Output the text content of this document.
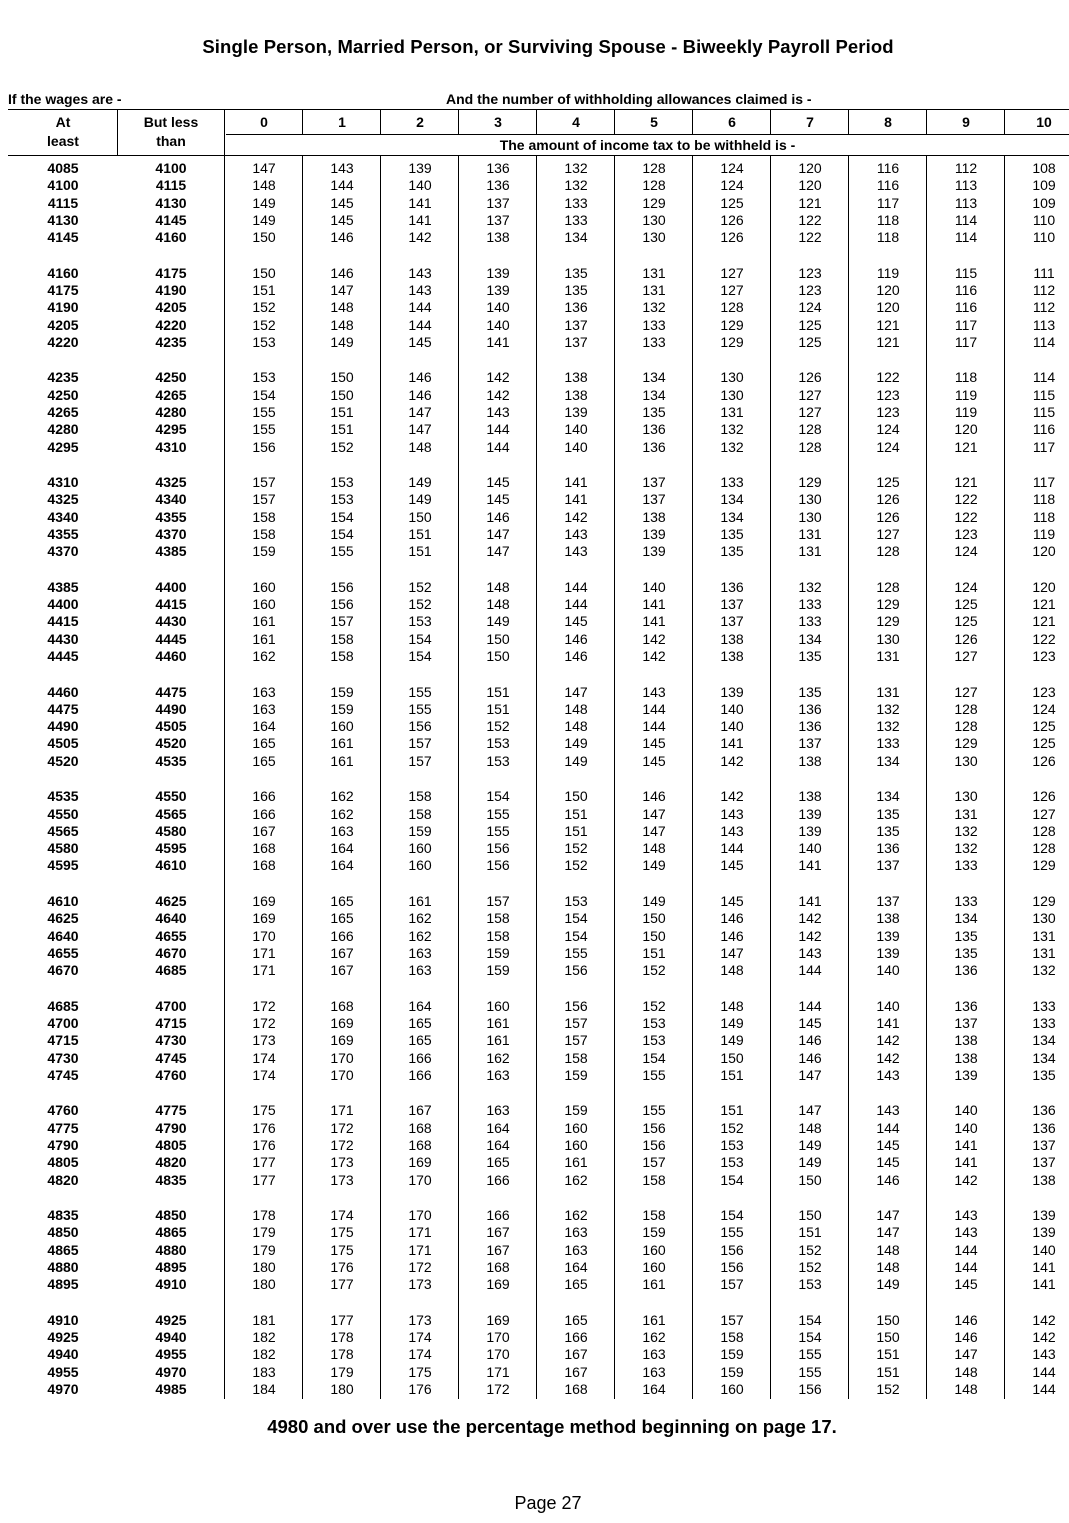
Single Person, Married Person, or Surviving Spouse - Biweekly Payroll Period
If the wages are -	And the number of withholding allowances claimed is -
At
least
But less
than
0	1	2	3	4	5	6	7	8	9	10
The amount of income tax to be withheld is -
4085	4100	147	143	139	136	132	128	124	120	116	112	108
4100	4115	148	144	140	136	132	128	124	120	116	113	109
4115	4130	149	145	141	137	133	129	125	121	117	113	109
4130	4145	149	145	141	137	133	130	126	122	118	114	110
4145	4160	150	146	142	138	134	130	126	122	118	114	110
4160	4175	150	146	143	139	135	131	127	123	119	115	111
4175	4190	151	147	143	139	135	131	127	123	120	116	112
4190	4205	152	148	144	140	136	132	128	124	120	116	112
4205	4220	152	148	144	140	137	133	129	125	121	117	113
4220	4235	153	149	145	141	137	133	129	125	121	117	114
4235	4250	153	150	146	142	138	134	130	126	122	118	114
4250	4265	154	150	146	142	138	134	130	127	123	119	115
4265	4280	155	151	147	143	139	135	131	127	123	119	115
4280	4295	155	151	147	144	140	136	132	128	124	120	116
4295	4310	156	152	148	144	140	136	132	128	124	121	117
4310	4325	157	153	149	145	141	137	133	129	125	121	117
4325	4340	157	153	149	145	141	137	134	130	126	122	118
4340	4355	158	154	150	146	142	138	134	130	126	122	118
4355	4370	158	154	151	147	143	139	135	131	127	123	119
4370	4385	159	155	151	147	143	139	135	131	128	124	120
4385	4400	160	156	152	148	144	140	136	132	128	124	120
4400	4415	160	156	152	148	144	141	137	133	129	125	121
4415	4430	161	157	153	149	145	141	137	133	129	125	121
4430	4445	161	158	154	150	146	142	138	134	130	126	122
4445	4460	162	158	154	150	146	142	138	135	131	127	123
4460	4475	163	159	155	151	147	143	139	135	131	127	123
4475	4490	163	159	155	151	148	144	140	136	132	128	124
4490	4505	164	160	156	152	148	144	140	136	132	128	125
4505	4520	165	161	157	153	149	145	141	137	133	129	125
4520	4535	165	161	157	153	149	145	142	138	134	130	126
4535	4550	166	162	158	154	150	146	142	138	134	130	126
4550	4565	166	162	158	155	151	147	143	139	135	131	127
4565	4580	167	163	159	155	151	147	143	139	135	132	128
4580	4595	168	164	160	156	152	148	144	140	136	132	128
4595	4610	168	164	160	156	152	149	145	141	137	133	129
4610	4625	169	165	161	157	153	149	145	141	137	133	129
4625	4640	169	165	162	158	154	150	146	142	138	134	130
4640	4655	170	166	162	158	154	150	146	142	139	135	131
4655	4670	171	167	163	159	155	151	147	143	139	135	131
4670	4685	171	167	163	159	156	152	148	144	140	136	132
4685	4700	172	168	164	160	156	152	148	144	140	136	133
4700	4715	172	169	165	161	157	153	149	145	141	137	133
4715	4730	173	169	165	161	157	153	149	146	142	138	134
4730	4745	174	170	166	162	158	154	150	146	142	138	134
4745	4760	174	170	166	163	159	155	151	147	143	139	135
4760	4775	175	171	167	163	159	155	151	147	143	140	136
4775	4790	176	172	168	164	160	156	152	148	144	140	136
4790	4805	176	172	168	164	160	156	153	149	145	141	137
4805	4820	177	173	169	165	161	157	153	149	145	141	137
4820	4835	177	173	170	166	162	158	154	150	146	142	138
4835	4850	178	174	170	166	162	158	154	150	147	143	139
4850	4865	179	175	171	167	163	159	155	151	147	143	139
4865	4880	179	175	171	167	163	160	156	152	148	144	140
4880	4895	180	176	172	168	164	160	156	152	148	144	141
4895	4910	180	177	173	169	165	161	157	153	149	145	141
4910	4925	181	177	173	169	165	161	157	154	150	146	142
4925	4940	182	178	174	170	166	162	158	154	150	146	142
4940	4955	182	178	174	170	167	163	159	155	151	147	143
4955	4970	183	179	175	171	167	163	159	155	151	148	144
4970	4985	184	180	176	172	168	164	160	156	152	148	144
4980 and over use the percentage method beginning on page 17.
Page 27
